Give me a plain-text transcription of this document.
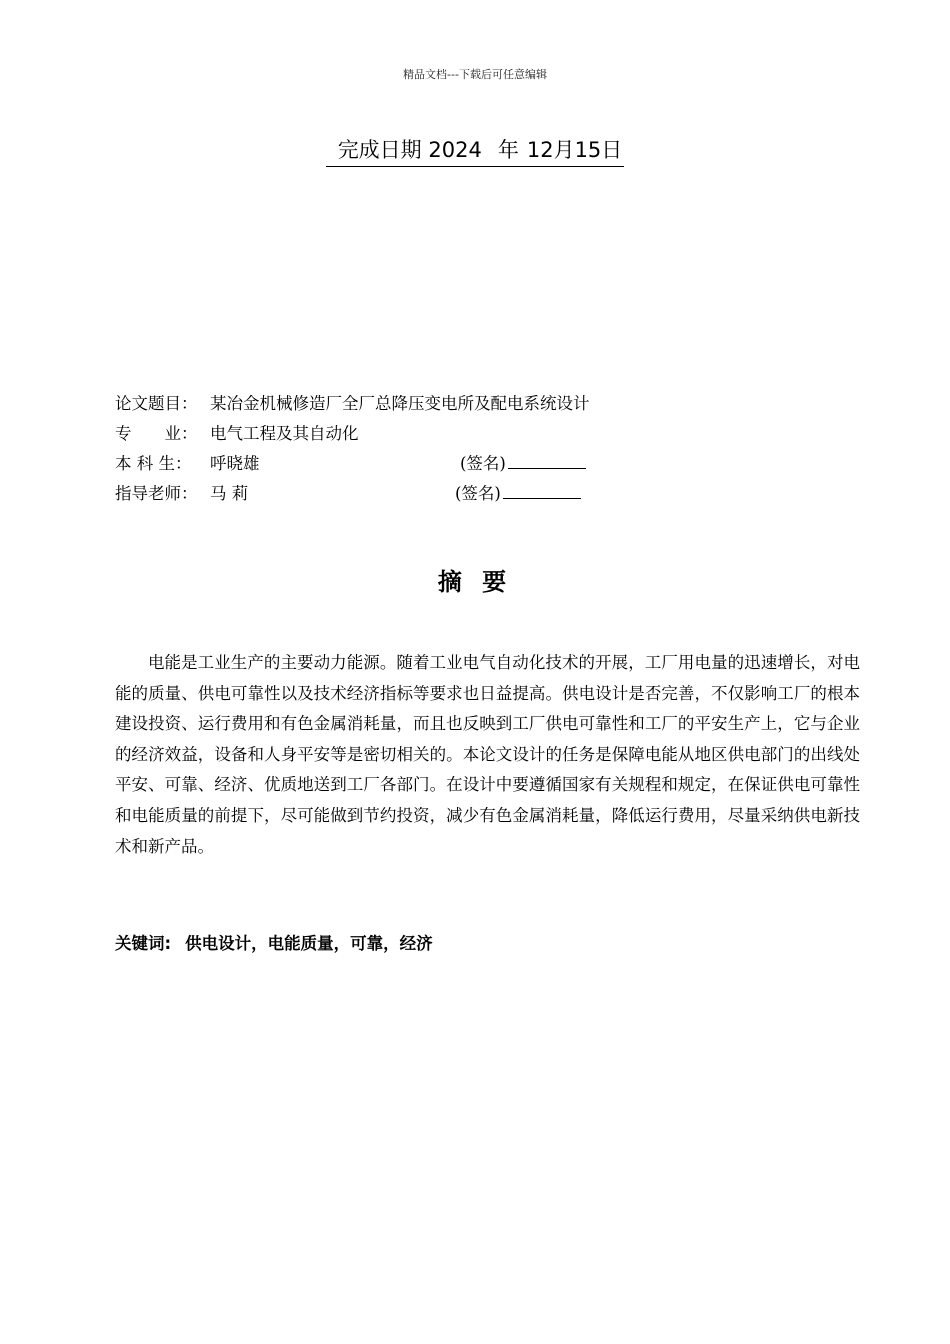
精品文档---下载后可任意编辑
完成日期 2024 年 12月15日
论文题目： 某冶金机械修造厂全厂总降压变电所及配电系统设计
专　　业： 电气工程及其自动化
本 科 生： 呼晓雄	(签名)
指导老师： 马 莉	(签名)
摘 要

电能是工业生产的主要动力能源。随着工业电气自动化技术的开展，工厂用电量的迅速增长，对电能的质量、供电可靠性以及技术经济指标等要求也日益提高。供电设计是否完善，不仅影响工厂的根本建设投资、运行费用和有色金属消耗量，而且也反映到工厂供电可靠性和工厂的平安生产上，它与企业的经济效益，设备和人身平安等是密切相关的。本论文设计的任务是保障电能从地区供电部门的出线处平安、可靠、经济、优质地送到工厂各部门。在设计中要遵循国家有关规程和规定，在保证供电可靠性和电能质量的前提下，尽可能做到节约投资，减少有色金属消耗量，降低运行费用，尽量采纳供电新技术和新产品。

关键词: 供电设计，电能质量，可靠，经济
